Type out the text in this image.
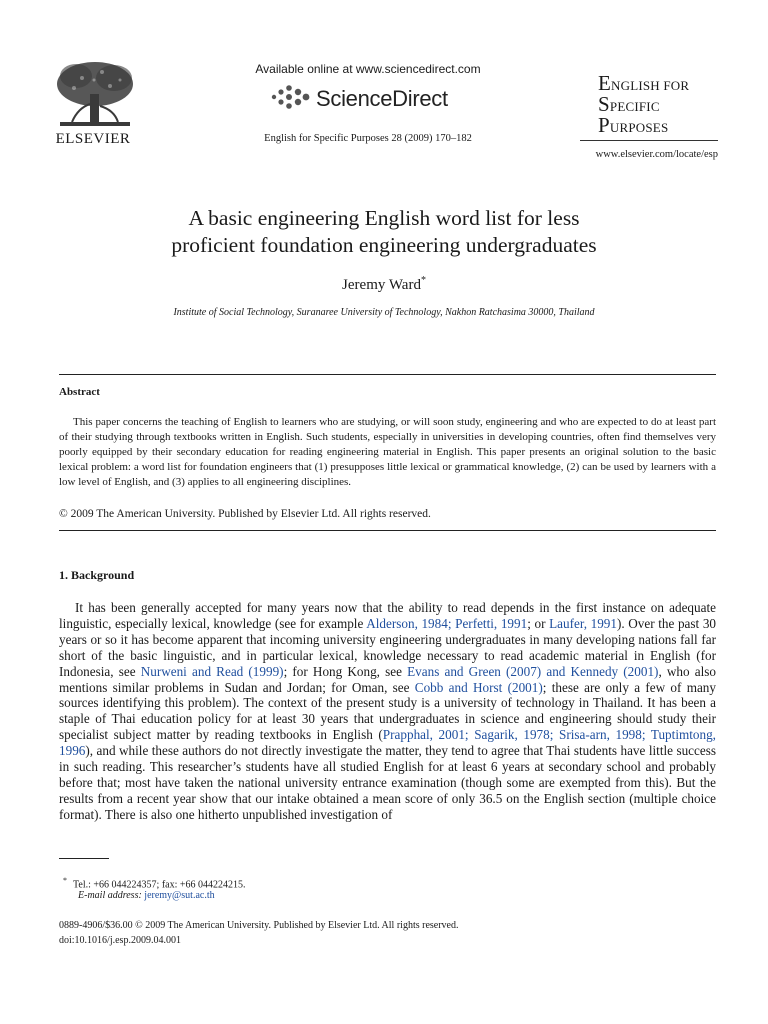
ELSEVIER
Available online at www.sciencedirect.com
ScienceDirect
English for Specific Purposes 28 (2009) 170–182
ENGLISH FOR
SPECIFIC
PURPOSES
www.elsevier.com/locate/esp
A basic engineering English word list for less
proficient foundation engineering undergraduates
Jeremy Ward*
Institute of Social Technology, Suranaree University of Technology, Nakhon Ratchasima 30000, Thailand
Abstract
This paper concerns the teaching of English to learners who are studying, or will soon study, engineering and who are expected to do at least part of their studying through textbooks written in English. Such students, especially in universities in developing countries, often find themselves very poorly equipped by their secondary education for reading engineering material in English. This paper presents an original solution to the basic lexical problem: a word list for foundation engineers that (1) presupposes little lexical or grammatical knowledge, (2) can be used by learners with a low level of English, and (3) applies to all engineering disciplines.
© 2009 The American University. Published by Elsevier Ltd. All rights reserved.
1. Background
It has been generally accepted for many years now that the ability to read depends in the first instance on adequate linguistic, especially lexical, knowledge (see for example Alderson, 1984; Perfetti, 1991; or Laufer, 1991). Over the past 30 years or so it has become apparent that incoming university engineering undergraduates in many developing nations fall far short of the basic linguistic, and in particular lexical, knowledge necessary to read academic material in English (for Indonesia, see Nurweni and Read (1999); for Hong Kong, see Evans and Green (2007) and Kennedy (2001), who also mentions similar problems in Sudan and Jordan; for Oman, see Cobb and Horst (2001); these are only a few of many sources identifying this problem). The context of the present study is a university of technology in Thailand. It has been a staple of Thai education policy for at least 30 years that undergraduates in science and engineering should study their specialist subject matter by reading textbooks in English (Prapphal, 2001; Sagarik, 1978; Srisa-arn, 1998; Tuptimtong, 1996), and while these authors do not directly investigate the matter, they tend to agree that Thai students have little success in such reading. This researcher’s students have all studied English for at least 6 years at secondary school and probably before that; most have taken the national university entrance examination (though some are exempted from this). But the results from a recent year show that our intake obtained a mean score of only 36.5 on the English section (multiple choice format). There is also one hitherto unpublished investigation of
* Tel.: +66 044224357; fax: +66 044224215.
E-mail address: jeremy@sut.ac.th
0889-4906/$36.00 © 2009 The American University. Published by Elsevier Ltd. All rights reserved.
doi:10.1016/j.esp.2009.04.001
